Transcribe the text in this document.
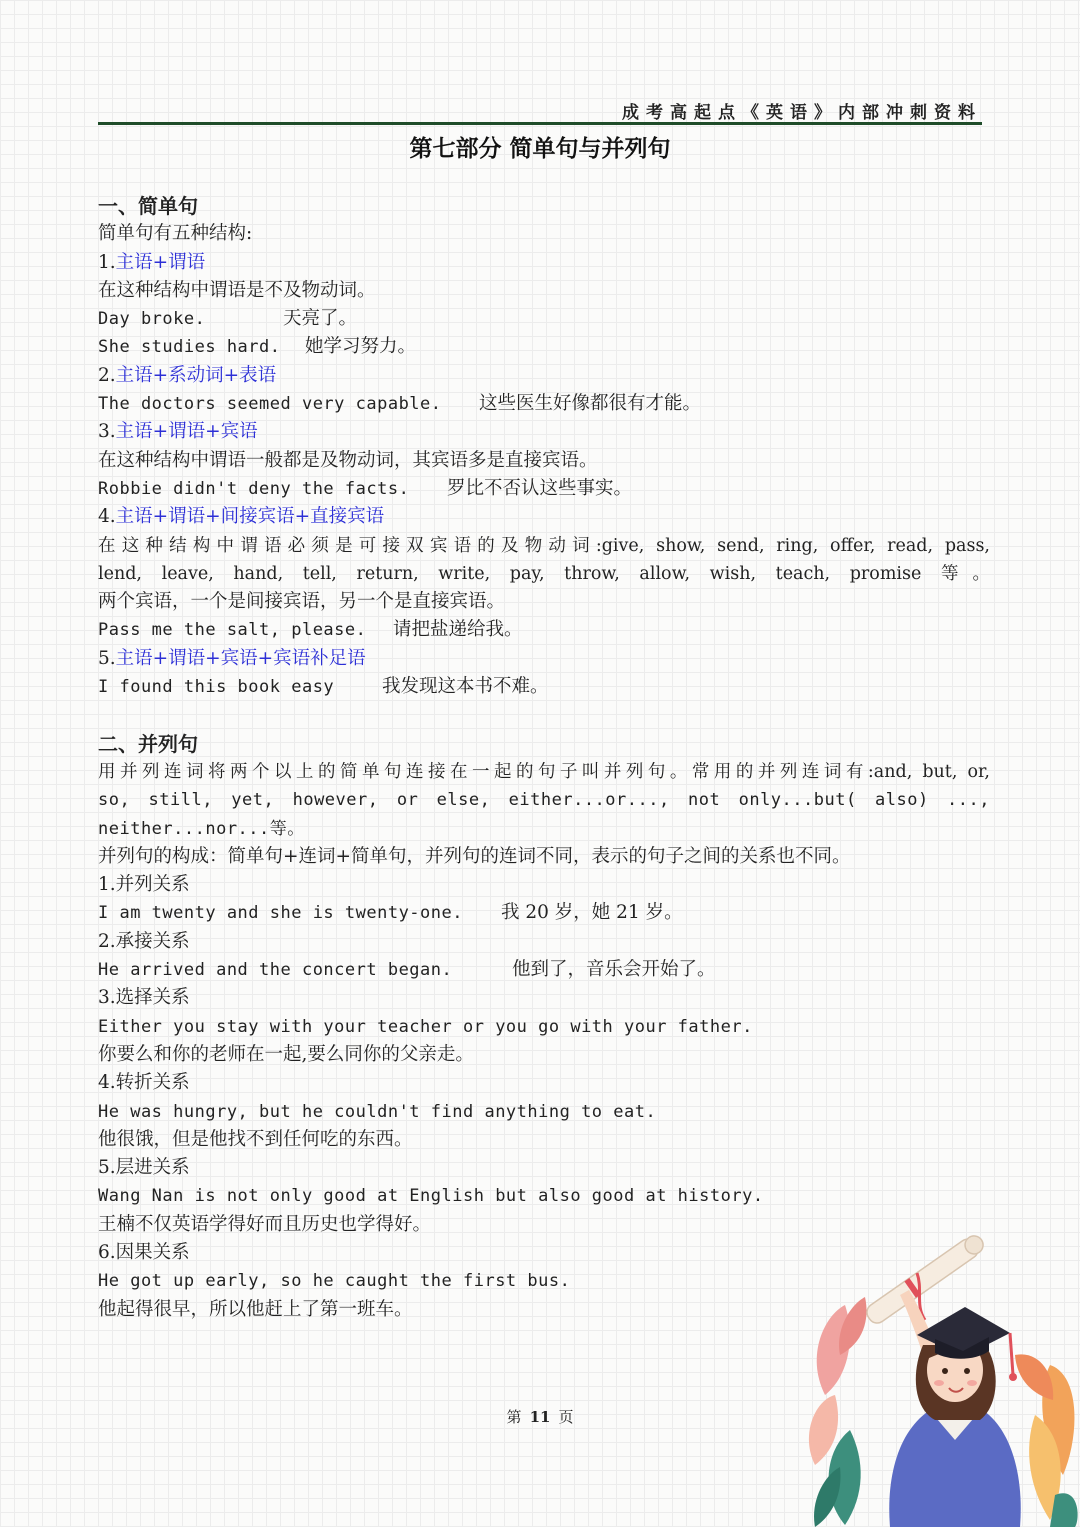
成考高起点《英语》内部冲刺资料
第七部分 简单句与并列句
一、简单句
简单句有五种结构:
1.主语+谓语
在这种结构中谓语是不及物动词。
Day broke.	天亮了。
She studies hard. 她学习努力。
2.主语+系动词+表语
The doctors seemed very capable. 这些医生好像都很有才能。
3.主语+谓语+宾语
在这种结构中谓语一般都是及物动词，其宾语多是直接宾语。
Robbie didn't deny the facts. 罗比不否认这些事实。
4.主语+谓语+间接宾语+直接宾语
在这种结构中谓语必须是可接双宾语的及物动词:give, show, send, ring, offer, read, pass,
lend, leave, hand, tell, return, write, pay, throw, allow, wish, teach, promise 等。
两个宾语，一个是间接宾语，另一个是直接宾语。
Pass me the salt, please. 请把盐递给我。
5.主语+谓语+宾语+宾语补足语
I found this book easy	我发现这本书不难。
二、并列句
用并列连词将两个以上的简单句连接在一起的句子叫并列句。常用的并列连词有:and, but, or,
so, still, yet, however, or else, either...or..., not only...but( also) ...,
neither...nor...等。
并列句的构成：简单句+连词+简单句，并列句的连词不同，表示的句子之间的关系也不同。
1.并列关系
I am twenty and she is twenty-one. 我 20 岁，她 21 岁。
2.承接关系
He arrived and the concert began.	他到了，音乐会开始了。
3.选择关系
Either you stay with your teacher or you go with your father.
你要么和你的老师在一起,要么同你的父亲走。
4.转折关系
He was hungry, but he couldn't find anything to eat.
他很饿，但是他找不到任何吃的东西。
5.层进关系
Wang Nan is not only good at English but also good at history.
王楠不仅英语学得好而且历史也学得好。
6.因果关系
He got up early, so he caught the first bus.
他起得很早，所以他赶上了第一班车。
第 11 页
